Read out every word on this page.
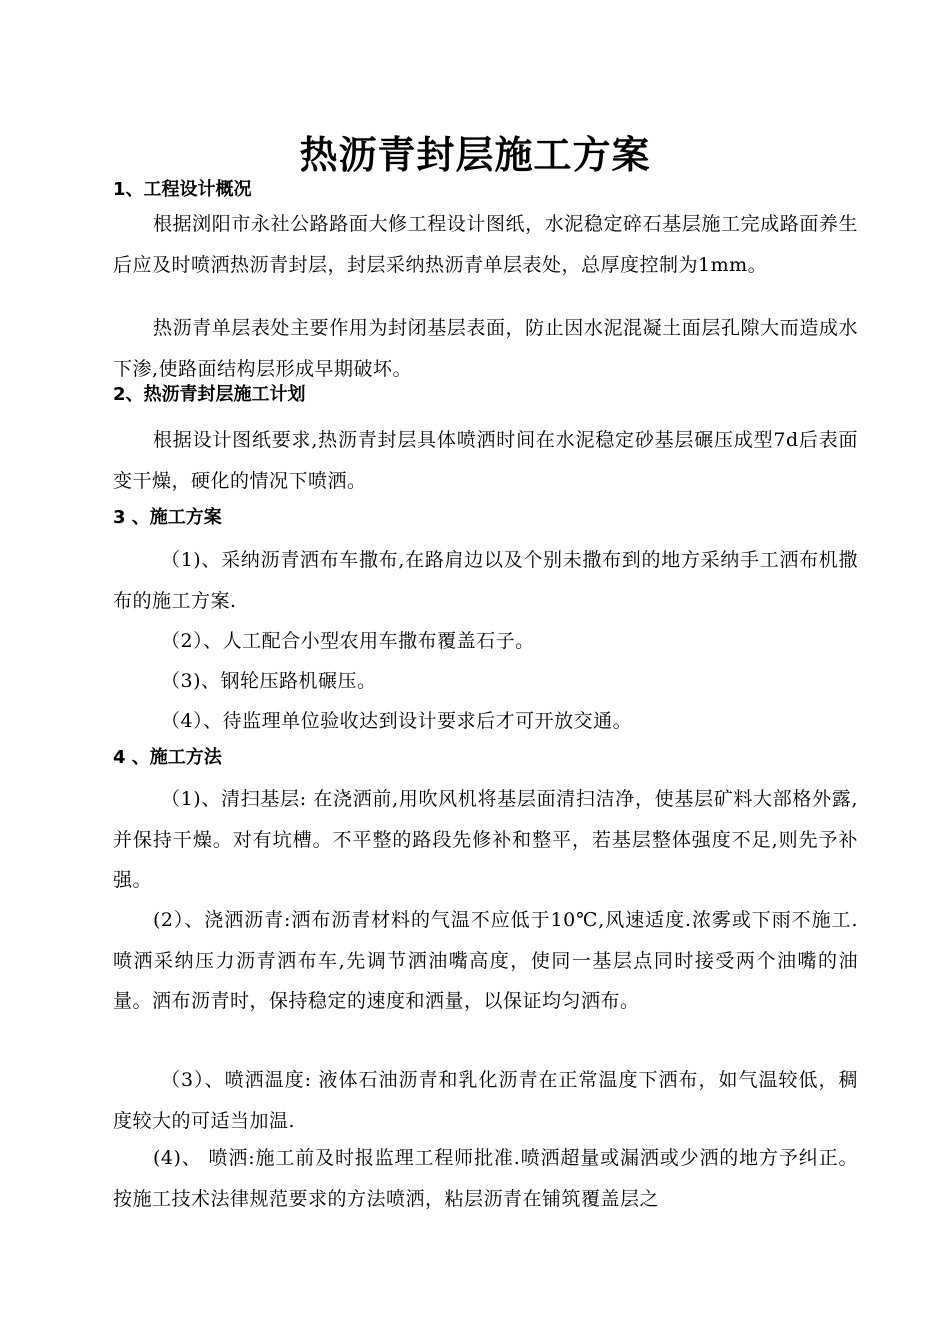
热沥青封层施工方案
1、工程设计概况
根据浏阳市永社公路路面大修工程设计图纸，水泥稳定碎石基层施工完成路面养生后应及时喷洒热沥青封层，封层采纳热沥青单层表处，总厚度控制为1mm。
热沥青单层表处主要作用为封闭基层表面，防止因水泥混凝土面层孔隙大而造成水下渗,使路面结构层形成早期破坏。
2、热沥青封层施工计划
根据设计图纸要求,热沥青封层具体喷洒时间在水泥稳定砂基层碾压成型7d后表面变干燥，硬化的情况下喷洒。
3 、施工方案
（1)、采纳沥青洒布车撒布,在路肩边以及个别未撒布到的地方采纳手工洒布机撒布的施工方案.
（2）、人工配合小型农用车撒布覆盖石子。
（3)、钢轮压路机碾压。
（4）、待监理单位验收达到设计要求后才可开放交通。
4 、施工方法
（1)、清扫基层: 在浇洒前,用吹风机将基层面清扫洁净，使基层矿料大部格外露,并保持干燥。对有坑槽。不平整的路段先修补和整平，若基层整体强度不足,则先予补强。
(2）、浇洒沥青:洒布沥青材料的气温不应低于10℃,风速适度.浓雾或下雨不施工.喷洒采纳压力沥青洒布车,先调节洒油嘴高度，使同一基层点同时接受两个油嘴的油量。洒布沥青时，保持稳定的速度和洒量，以保证均匀洒布。
（3）、喷洒温度: 液体石油沥青和乳化沥青在正常温度下洒布，如气温较低，稠度较大的可适当加温.
(4)、 喷洒:施工前及时报监理工程师批准.喷洒超量或漏洒或少洒的地方予纠正。按施工技术法律规范要求的方法喷洒，粘层沥青在铺筑覆盖层之
